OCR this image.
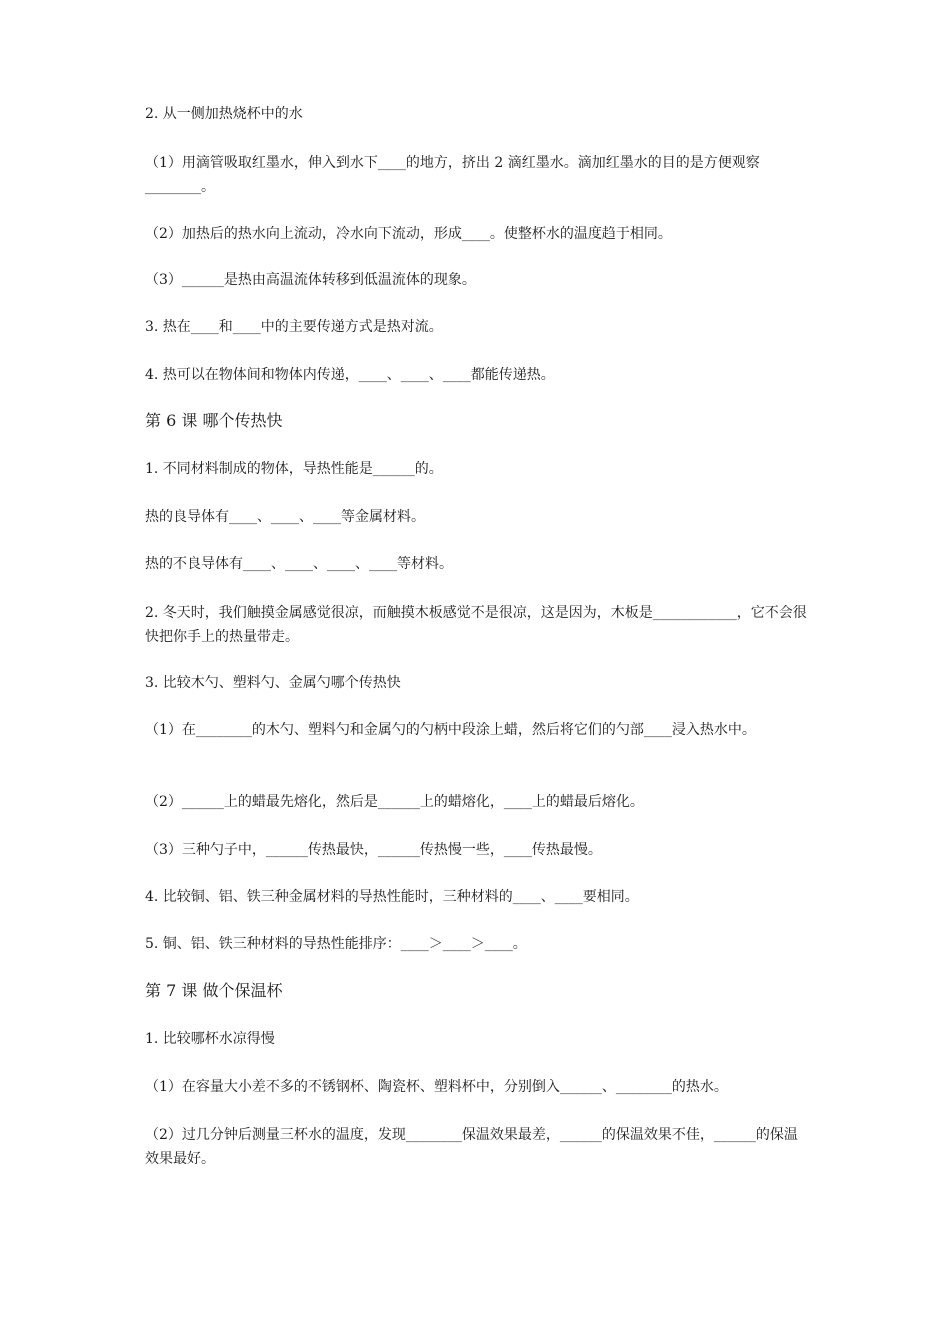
2. 从一侧加热烧杯中的水
（1）用滴管吸取红墨水，伸入到水下____的地方，挤出 2 滴红墨水。滴加红墨水的目的是方便观察________。
（2）加热后的热水向上流动，冷水向下流动，形成____。使整杯水的温度趋于相同。
（3）______是热由高温流体转移到低温流体的现象。
3. 热在____和____中的主要传递方式是热对流。
4. 热可以在物体间和物体内传递，____、____、____都能传递热。
第 6 课 哪个传热快
1. 不同材料制成的物体，导热性能是______的。
热的良导体有____、____、____等金属材料。
热的不良导体有____、____、____、____等材料。
2. 冬天时，我们触摸金属感觉很凉，而触摸木板感觉不是很凉，这是因为，木板是____________，它不会很快把你手上的热量带走。
3. 比较木勺、塑料勺、金属勺哪个传热快
（1）在________的木勺、塑料勺和金属勺的勺柄中段涂上蜡，然后将它们的勺部____浸入热水中。
（2）______上的蜡最先熔化，然后是______上的蜡熔化，____上的蜡最后熔化。
（3）三种勺子中，______传热最快，______传热慢一些，____传热最慢。
4. 比较铜、铝、铁三种金属材料的导热性能时，三种材料的____、____要相同。
5. 铜、铝、铁三种材料的导热性能排序：____＞____＞____。
第 7 课 做个保温杯
1. 比较哪杯水凉得慢
（1）在容量大小差不多的不锈钢杯、陶瓷杯、塑料杯中，分别倒入______、________的热水。
（2）过几分钟后测量三杯水的温度，发现________保温效果最差，______的保温效果不佳，______的保温效果最好。
